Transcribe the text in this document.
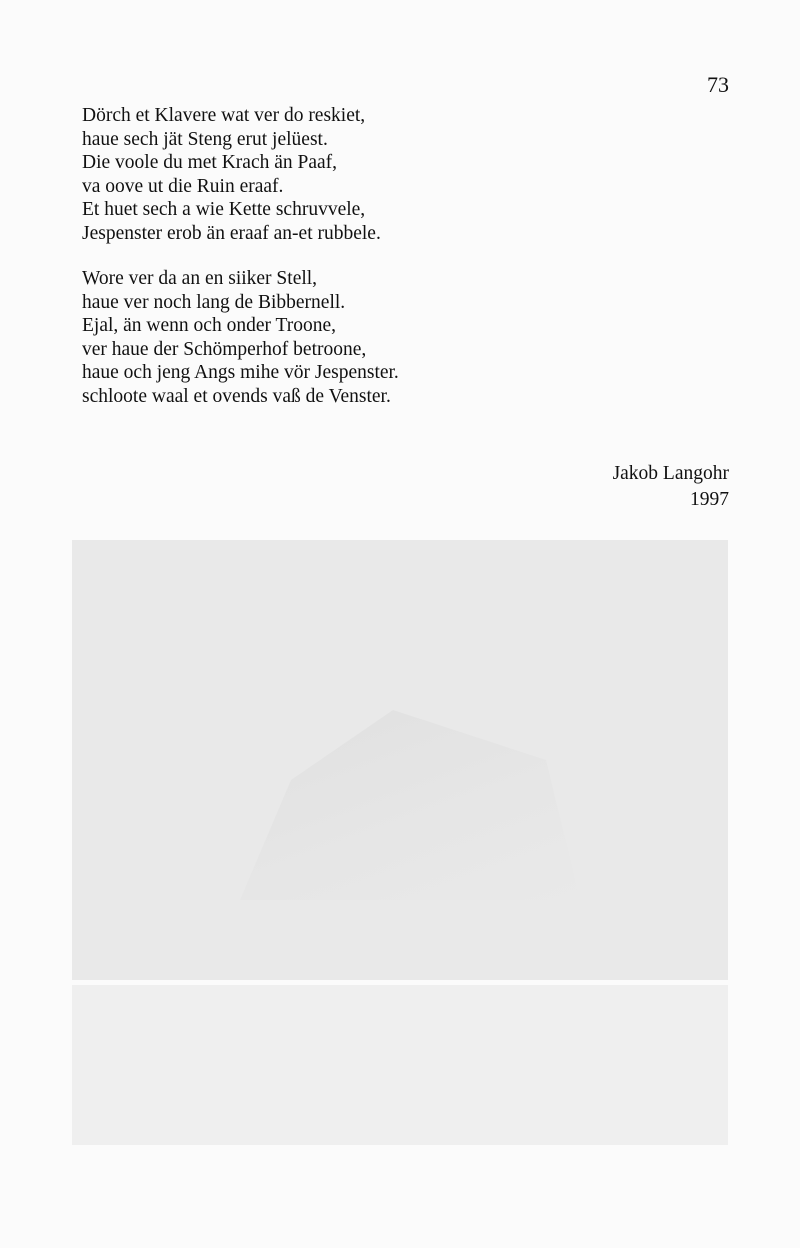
73
Dörch et Klavere wat ver do reskiet,
haue sech jät Steng erut jelüest.
Die voole du met Krach än Paaf,
va oove ut die Ruin eraaf.
Et huet sech a wie Kette schruvvele,
Jespenster erob än eraaf an-et rubbele.
Wore ver da an en siiker Stell,
haue ver noch lang de Bibbernell.
Ejal, än wenn och onder Troone,
ver haue der Schömperhof betroone,
haue och jeng Angs mihe vör Jespenster.
schloote waal et ovends vaß de Venster.
Jakob Langohr
1997
